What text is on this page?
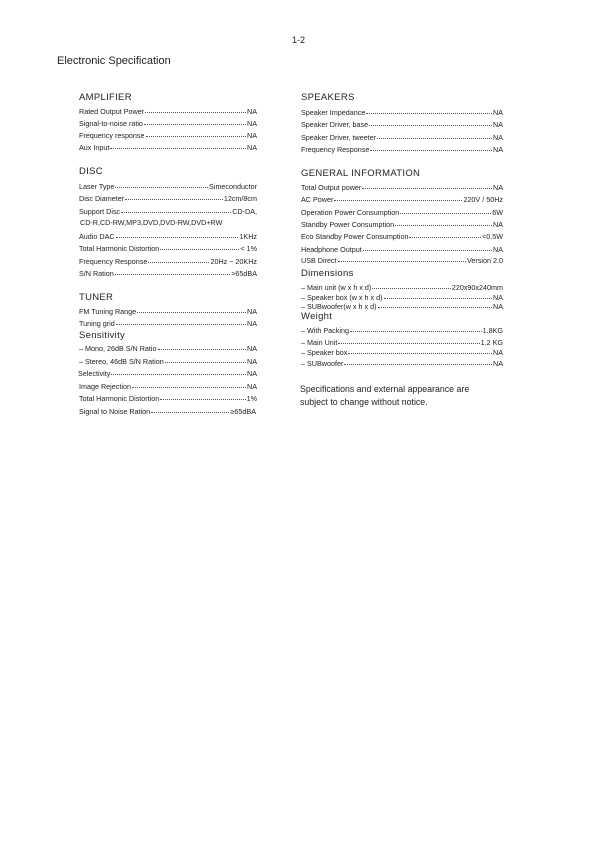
1-2
Electronic Specification
AMPLIFIER
Rated Output Power	NA
Signal-to-noise ratio	NA
Frequency response	NA
Aux Input	NA
DISC
Laser Type	Simeconductor
Disc Diameter	12cm/8cm
Support Disc	CD-DA,
CD-R,CD-RW,MP3,DVD,DVD-RW,DVD+RW
Audio DAC	1KHz
Total Harmonic Distortion	< 1%
Frequency Response	20Hz ~ 20KHz
S/N Ration	>65dBA
TUNER
FM Tuning Range	NA
Tuning grid	NA
Sensitivity
– Mono, 26dB S/N Ratio	NA
– Stereo, 46dB S/N Ration	NA
Selectivity	NA
Image Rejection	NA
Total Harmonic Distortion	1%
Signal to Noise Ration	≥65dBA
SPEAKERS
Speaker Impedance	NA
Speaker Driver, base	NA
Speaker Driver, tweeter	NA
Frequency Response	NA
GENERAL INFORMATION
Total Output power	NA
AC Power	220V / 50Hz
Operation Power Consumption	6W
Standby Power Consumption	NA
Eco Standby Power Consumption	<0.5W
Headphone Output	NA
USB Direct	Version 2.0
Dimensions
– Main unit (w x h x d)	220x90x240mm
– Speaker box (w x h x d)	NA
– SUBwoofer(w x h x d)	NA
Weight
– With Packing	1.8KG
– Main Unit	1.2 KG
– Speaker box	NA
– SUBwoofer	NA
Specifications and external appearance are
subject to change without notice.
